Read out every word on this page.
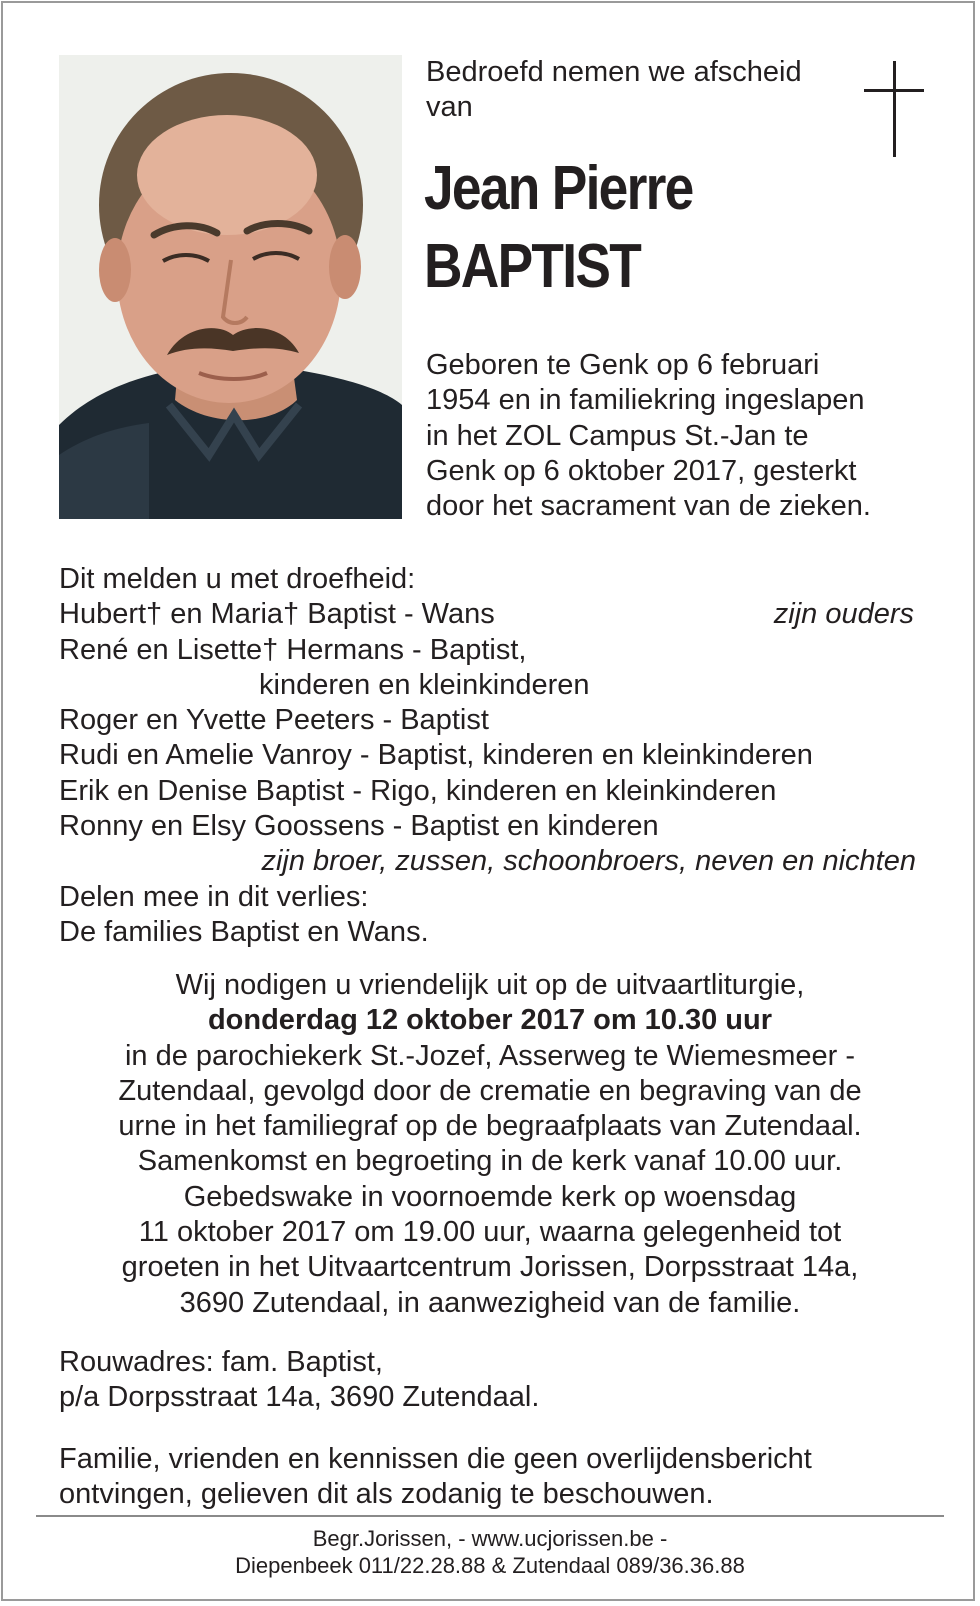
Bedroefd nemen we afscheid
van
Jean Pierre
BAPTIST
Geboren te Genk op 6 februari
1954 en in familiekring ingeslapen
in het ZOL Campus St.-Jan te
Genk op 6 oktober 2017, gesterkt
door het sacrament van de zieken.
Dit melden u met droefheid:
Hubert† en Maria† Baptist - Wans	zijn ouders
René en Lisette† Hermans - Baptist,
kinderen en kleinkinderen
Roger en Yvette Peeters - Baptist
Rudi en Amelie Vanroy - Baptist, kinderen en kleinkinderen
Erik en Denise Baptist - Rigo, kinderen en kleinkinderen
Ronny en Elsy Goossens - Baptist en kinderen
zijn broer, zussen, schoonbroers, neven en nichten
Delen mee in dit verlies:
De families Baptist en Wans.
Wij nodigen u vriendelijk uit op de uitvaartliturgie,
donderdag 12 oktober 2017 om 10.30 uur
in de parochiekerk St.-Jozef, Asserweg te Wiemesmeer -
Zutendaal, gevolgd door de crematie en begraving van de
urne in het familiegraf op de begraafplaats van Zutendaal.
Samenkomst en begroeting in de kerk vanaf 10.00 uur.
Gebedswake in voornoemde kerk op woensdag
11 oktober 2017 om 19.00 uur, waarna gelegenheid tot
groeten in het Uitvaartcentrum Jorissen, Dorpsstraat 14a,
3690 Zutendaal, in aanwezigheid van de familie.
Rouwadres: fam. Baptist,
p/a Dorpsstraat 14a, 3690 Zutendaal.
Familie, vrienden en kennissen die geen overlijdensbericht
ontvingen, gelieven dit als zodanig te beschouwen.
Begr.Jorissen, - www.ucjorissen.be -
Diepenbeek 011/22.28.88 & Zutendaal 089/36.36.88
